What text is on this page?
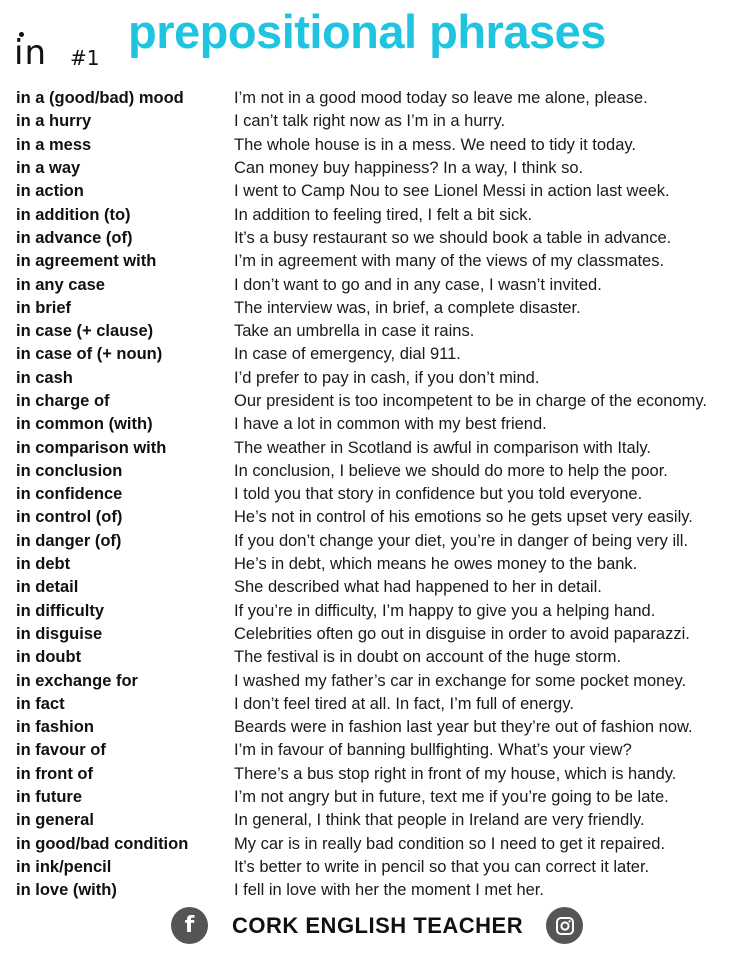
in #1 prepositional phrases
in a (good/bad) mood	I’m not in a good mood today so leave me alone, please.
in a hurry	I can’t talk right now as I’m in a hurry.
in a mess	The whole house is in a mess. We need to tidy it today.
in a way	Can money buy happiness? In a way, I think so.
in action	I went to Camp Nou to see Lionel Messi in action last week.
in addition (to)	In addition to feeling tired, I felt a bit sick.
in advance (of)	It’s a busy restaurant so we should book a table in advance.
in agreement with	I’m in agreement with many of the views of my classmates.
in any case	I don’t want to go and in any case, I wasn’t invited.
in brief	The interview was, in brief, a complete disaster.
in case (+ clause)	Take an umbrella in case it rains.
in case of (+ noun)	In case of emergency, dial 911.
in cash	I’d prefer to pay in cash, if you don’t mind.
in charge of	Our president is too incompetent to be in charge of the economy.
in common (with)	I have a lot in common with my best friend.
in comparison with	The weather in Scotland is awful in comparison with Italy.
in conclusion	In conclusion, I believe we should do more to help the poor.
in confidence	I told you that story in confidence but you told everyone.
in control (of)	He’s not in control of his emotions so he gets upset very easily.
in danger (of)	If you don’t change your diet, you’re in danger of being very ill.
in debt	He’s in debt, which means he owes money to the bank.
in detail	She described what had happened to her in detail.
in difficulty	If you’re in difficulty, I’m happy to give you a helping hand.
in disguise	Celebrities often go out in disguise in order to avoid paparazzi.
in doubt	The festival is in doubt on account of the huge storm.
in exchange for	I washed my father’s car in exchange for some pocket money.
in fact	I don’t feel tired at all. In fact, I’m full of energy.
in fashion	Beards were in fashion last year but they’re out of fashion now.
in favour of	I’m in favour of banning bullfighting. What’s your view?
in front of	There’s a bus stop right in front of my house, which is handy.
in future	I’m not angry but in future, text me if you’re going to be late.
in general	In general, I think that people in Ireland are very friendly.
in good/bad condition	My car is in really bad condition so I need to get it repaired.
in ink/pencil	It’s better to write in pencil so that you can correct it later.
in love (with)	I fell in love with her the moment I met her.
f CORK ENGLISH TEACHER
